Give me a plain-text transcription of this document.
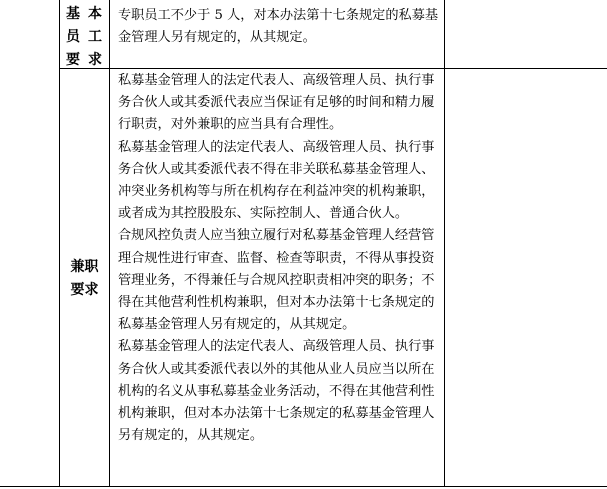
基 本
员 工
要求

专职员工不少于 5 人，对本办法第十七条规定的私募基金管理人另有规定的，从其规定。

兼职
要求

私募基金管理人的法定代表人、高级管理人员、执行事务合伙人或其委派代表应当保证有足够的时间和精力履行职责，对外兼职的应当具有合理性。

私募基金管理人的法定代表人、高级管理人员、执行事务合伙人或其委派代表不得在非关联私募基金管理人、冲突业务机构等与所在机构存在利益冲突的机构兼职，或者成为其控股股东、实际控制人、普通合伙人。

合规风控负责人应当独立履行对私募基金管理人经营管理合规性进行审查、监督、检查等职责，不得从事投资管理业务，不得兼任与合规风控职责相冲突的职务；不得在其他营利性机构兼职，但对本办法第十七条规定的私募基金管理人另有规定的，从其规定。

私募基金管理人的法定代表人、高级管理人员、执行事务合伙人或其委派代表以外的其他从业人员应当以所在机构的名义从事私募基金业务活动，不得在其他营利性机构兼职，但对本办法第十七条规定的私募基金管理人另有规定的，从其规定。
